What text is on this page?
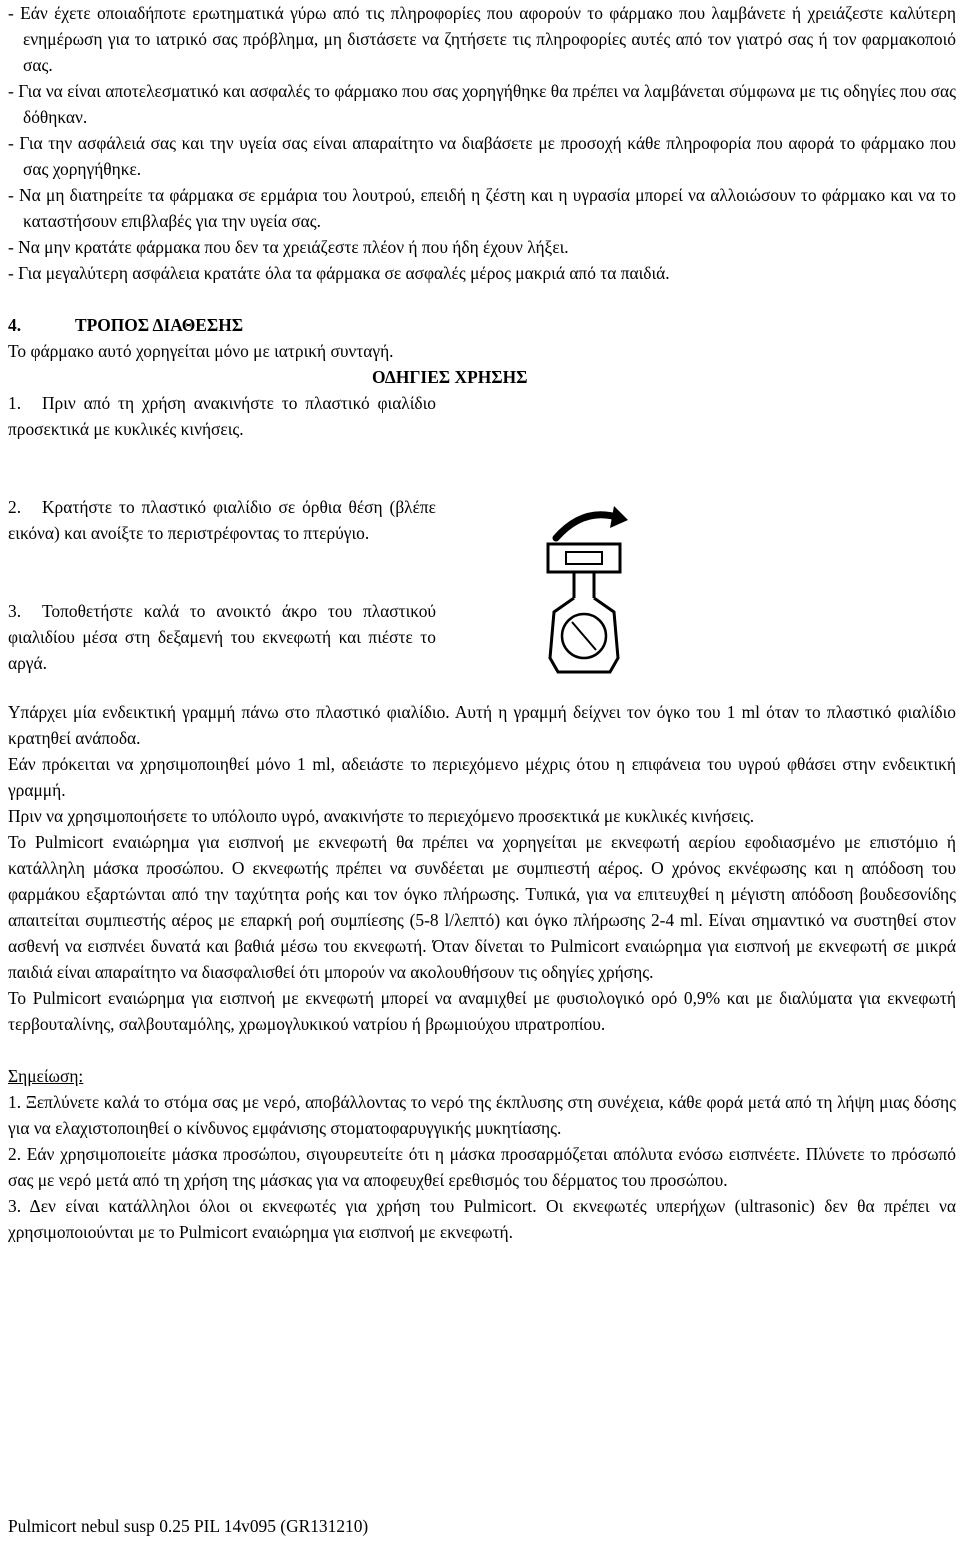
- Εάν έχετε οποιαδήποτε ερωτηματικά γύρω από τις πληροφορίες που αφορούν το φάρμακο που λαμβάνετε ή χρειάζεστε καλύτερη ενημέρωση για το ιατρικό σας πρόβλημα, μη διστάσετε να ζητήσετε τις πληροφορίες αυτές από τον γιατρό σας ή τον φαρμακοποιό σας.

- Για να είναι αποτελεσματικό και ασφαλές το φάρμακο που σας χορηγήθηκε θα πρέπει να λαμβάνεται σύμφωνα με τις οδηγίες που σας δόθηκαν.

- Για την ασφάλειά σας και την υγεία σας είναι απαραίτητο να διαβάσετε με προσοχή κάθε πληροφορία που αφορά το φάρμακο που σας χορηγήθηκε.

- Να μη διατηρείτε τα φάρμακα σε ερμάρια του λουτρού, επειδή η ζέστη και η υγρασία μπορεί να αλλοιώσουν το φάρμακο και να το καταστήσουν επιβλαβές για την υγεία σας.

- Να μην κρατάτε φάρμακα που δεν τα χρειάζεστε πλέον ή που ήδη έχουν λήξει.

- Για μεγαλύτερη ασφάλεια κρατάτε όλα τα φάρμακα σε ασφαλές μέρος μακριά από τα παιδιά.

4.	ΤΡΟΠΟΣ ΔΙΑΘΕΣΗΣ

Το φάρμακο αυτό χορηγείται μόνο με ιατρική συνταγή.

ΟΔΗΓΙΕΣ ΧΡΗΣΗΣ

1. Πριν από τη χρήση ανακινήστε το πλαστικό φιαλίδιο προσεκτικά με κυκλικές κινήσεις.

2. Κρατήστε το πλαστικό φιαλίδιο σε όρθια θέση (βλέπε εικόνα) και ανοίξτε το περιστρέφοντας το πτερύγιο.

3. Τοποθετήστε καλά το ανοικτό άκρο του πλαστικού φιαλιδίου μέσα στη δεξαμενή του εκνεφωτή και πιέστε το αργά.

Υπάρχει μία ενδεικτική γραμμή πάνω στο πλαστικό φιαλίδιο. Αυτή η γραμμή δείχνει τον όγκο του 1 ml όταν το πλαστικό φιαλίδιο κρατηθεί ανάποδα.

Εάν πρόκειται να χρησιμοποιηθεί μόνο 1 ml, αδειάστε το περιεχόμενο μέχρις ότου η επιφάνεια του υγρού φθάσει στην ενδεικτική γραμμή.

Πριν να χρησιμοποιήσετε το υπόλοιπο υγρό, ανακινήστε το περιεχόμενο προσεκτικά με κυκλικές κινήσεις.

Το Pulmicort εναιώρημα για εισπνοή με εκνεφωτή θα πρέπει να χορηγείται με εκνεφωτή αερίου εφοδιασμένο με επιστόμιο ή κατάλληλη μάσκα προσώπου. Ο εκνεφωτής πρέπει να συνδέεται με συμπιεστή αέρος. Ο χρόνος εκνέφωσης και η απόδοση του φαρμάκου εξαρτώνται από την ταχύτητα ροής και τον όγκο πλήρωσης. Τυπικά, για να επιτευχθεί η μέγιστη απόδοση βουδεσονίδης απαιτείται συμπιεστής αέρος με επαρκή ροή συμπίεσης (5-8 l/λεπτό) και όγκο πλήρωσης 2-4 ml. Είναι σημαντικό να συστηθεί στον ασθενή να εισπνέει δυνατά και βαθιά μέσω του εκνεφωτή. Όταν δίνεται το Pulmicort εναιώρημα για εισπνοή με εκνεφωτή σε μικρά παιδιά είναι απαραίτητο να διασφαλισθεί ότι μπορούν να ακολουθήσουν τις οδηγίες χρήσης.

Το Pulmicort εναιώρημα για εισπνοή με εκνεφωτή μπορεί να αναμιχθεί με φυσιολογικό ορό 0,9% και με διαλύματα για εκνεφωτή τερβουταλίνης, σαλβουταμόλης, χρωμογλυκικού νατρίου ή βρωμιούχου ιπρατροπίου.

Σημείωση:

1. Ξεπλύνετε καλά το στόμα σας με νερό, αποβάλλοντας το νερό της έκπλυσης στη συνέχεια, κάθε φορά μετά από τη λήψη μιας δόσης για να ελαχιστοποιηθεί ο κίνδυνος εμφάνισης στοματοφαρυγγικής μυκητίασης.

2. Εάν χρησιμοποιείτε μάσκα προσώπου, σιγουρευτείτε ότι η μάσκα προσαρμόζεται απόλυτα ενόσω εισπνέετε. Πλύνετε το πρόσωπό σας με νερό μετά από τη χρήση της μάσκας για να αποφευχθεί ερεθισμός του δέρματος του προσώπου.

3. Δεν είναι κατάλληλοι όλοι οι εκνεφωτές για χρήση του Pulmicort. Οι εκνεφωτές υπερήχων (ultrasonic) δεν θα πρέπει να χρησιμοποιούνται με το Pulmicort εναιώρημα για εισπνοή με εκνεφωτή.

Pulmicort nebul susp 0.25 PIL 14v095 (GR131210)
